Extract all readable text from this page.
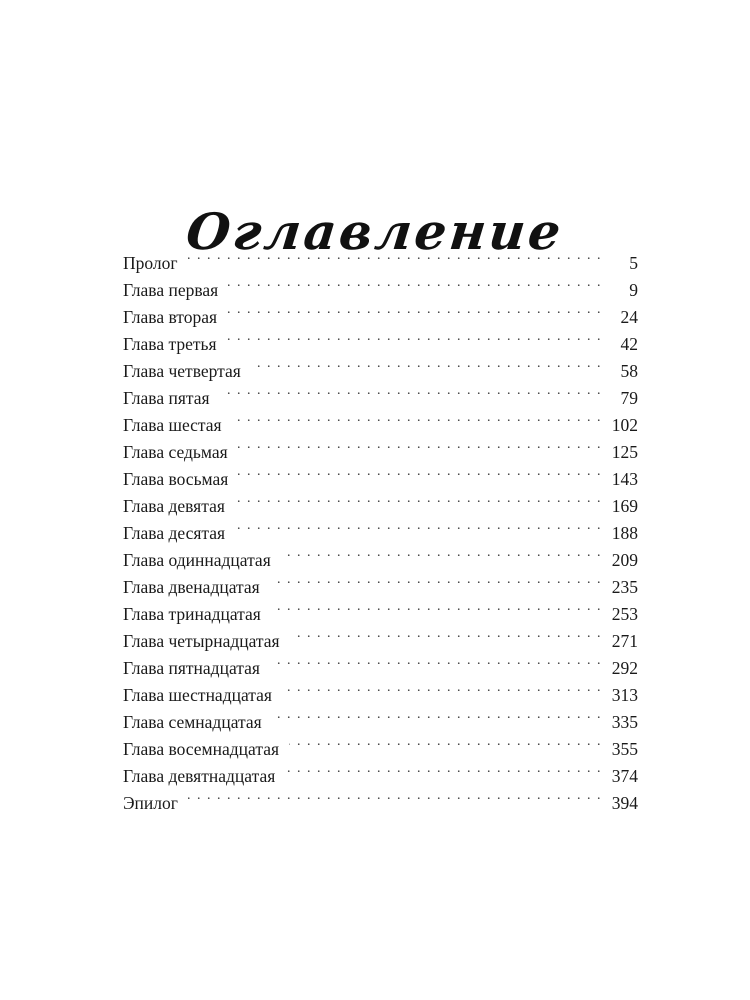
Оглавление
Пролог . . .	5
Глава первая . . .	9
Глава вторая . . .	24
Глава третья . . .	42
Глава четвертая . . .	58
Глава пятая . . .	79
Глава шестая . . .	102
Глава седьмая . . .	125
Глава восьмая . . .	143
Глава девятая . . .	169
Глава десятая . . .	188
Глава одиннадцатая . . .	209
Глава двенадцатая . . .	235
Глава тринадцатая . . .	253
Глава четырнадцатая . . .	271
Глава пятнадцатая . . .	292
Глава шестнадцатая . . .	313
Глава семнадцатая . . .	335
Глава восемнадцатая . . .	355
Глава девятнадцатая . . .	374
Эпилог . . .	394
